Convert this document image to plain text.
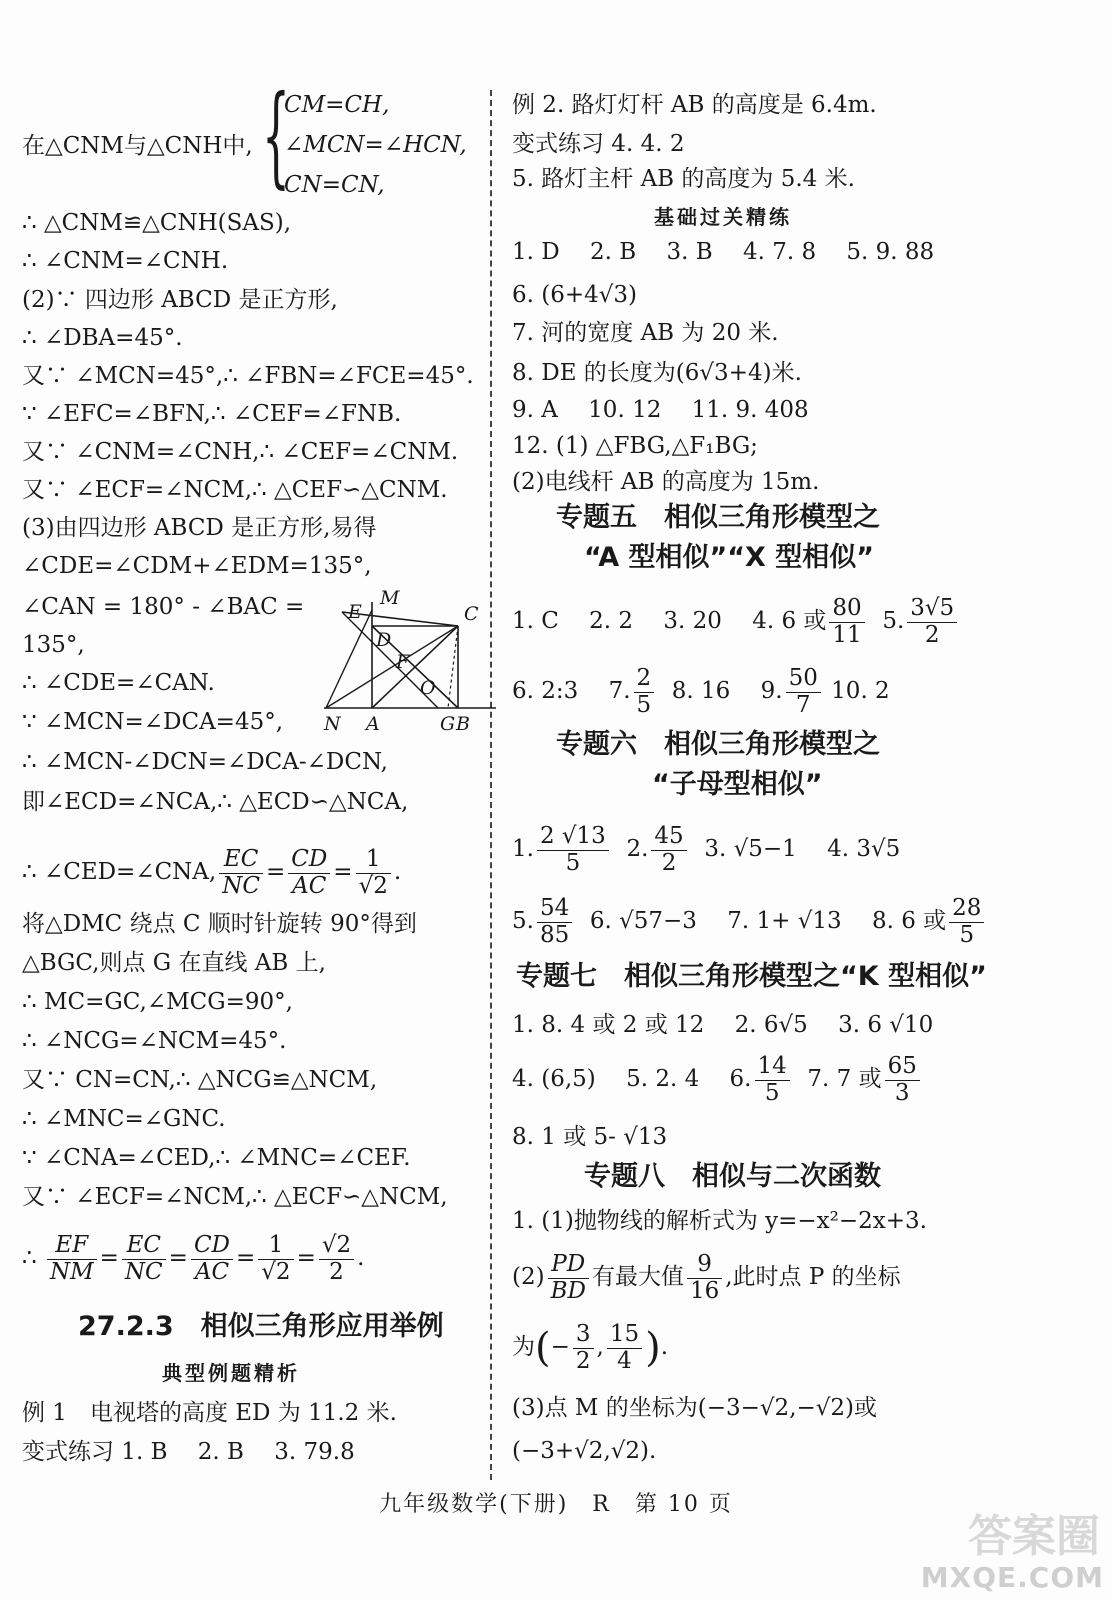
在△CNM与△CNH中, {
CM=CH,
∠MCN=∠HCN,
CN=CN,
∴ △CNM≌△CNH(SAS),
∴ ∠CNM=∠CNH.
(2)∵ 四边形 ABCD 是正方形,
∴ ∠DBA=45°.
又∵ ∠MCN=45°,∴ ∠FBN=∠FCE=45°.
∵ ∠EFC=∠BFN,∴ ∠CEF=∠FNB.
又∵ ∠CNM=∠CNH,∴ ∠CEF=∠CNM.
又∵ ∠ECF=∠NCM,∴ △CEF∽△CNM.
(3)由四边形 ABCD 是正方形,易得
∠CDE=∠CDM+∠EDM=135°,
∠CAN = 180° - ∠BAC =
135°,
∴ ∠CDE=∠CAN.
∵ ∠MCN=∠DCA=45°,
∴ ∠MCN-∠DCN=∠DCA-∠DCN,
即∠ECD=∠NCA,∴ △ECD∽△NCA,
E
M
C
D
F
O
N A	G B
∴ ∠CED=∠CNA, $\frac{EC}{NC} = \frac{CD}{AC} = \frac{1}{√2}$ .
将△DMC 绕点 C 顺时针旋转 90°得到
△BGC,则点 G 在直线 AB 上,
∴ MC=GC,∠MCG=90°,
∴ ∠NCG=∠NCM=45°.
又∵ CN=CN,∴ △NCG≌△NCM,
∴ ∠MNC=∠GNC.
∵ ∠CNA=∠CED,∴ ∠MNC=∠CEF.
又∵ ∠ECF=∠NCM,∴ △ECF∽△NCM,
∴ $\frac{EF}{NM} = \frac{EC}{NC} = \frac{CD}{AC} = \frac{1}{√2} = \frac{√2}{2}$ .
27.2.3　相似三角形应用举例
典型例题精析
例 1　电视塔的高度 ED 为 11.2 米.
变式练习 1. B　 2. B　 3. 79.8
例 2. 路灯灯杆 AB 的高度是 6.4m.
变式练习 4. 4. 2
5. 路灯主杆 AB 的高度为 5.4 米.
基础过关精练
1. D　 2. B　 3. B　 4. 7. 8　 5. 9. 88
6. (6+4√3)
7. 河的宽度 AB 为 20 米.
8. DE 的长度为(6√3+4)米.
9. A　 10. 12　 11. 9. 408
12. (1) △FBG,△F₁BG;
(2)电线杆 AB 的高度为 15m.
专题五　相似三角形模型之
“A 型相似”“X 型相似”
1. C　 2. 2　 3. 20　 4. 6 或 $\frac{80}{11} 5$. $\frac{3√5}{2}$
6. 2:3　 7. $\frac{2}{5} 8$. 16　 9. $\frac{50}{7} 10$. 2
专题六　相似三角形模型之
“子母型相似”
1. $\frac{2 √13}{5} 2$. $\frac{45}{2} 3$. √5−1　 4. 3√5
5. $\frac{54}{85} 6$. √57−3　 7. 1+ √13　 8. 6 或 $\frac{28}{5}$
专题七　相似三角形模型之“K 型相似”
1. 8. 4 或 2 或 12　 2. 6√5　 3. 6 √10
4. (6,5)　 5. 2. 4　 6. $\frac{14}{5} 7$. 7 或 $\frac{65}{3}$
8. 1 或 5- √13
专题八　相似与二次函数
1. (1)抛物线的解析式为 y=−x²−2x+3.
$(2) \frac{PD}{BD}$ 有最大值 $\frac{9}{16}$ ,此时点 P 的坐标
为(− $\frac{3}{2}$ , $\frac{15}{4}$ ).
(3)点 M 的坐标为(−3−√2,−√2)或
(−3+√2,√2).
九年级数学(下册)　R　第 10 页
答案圈
MXQE.COM
